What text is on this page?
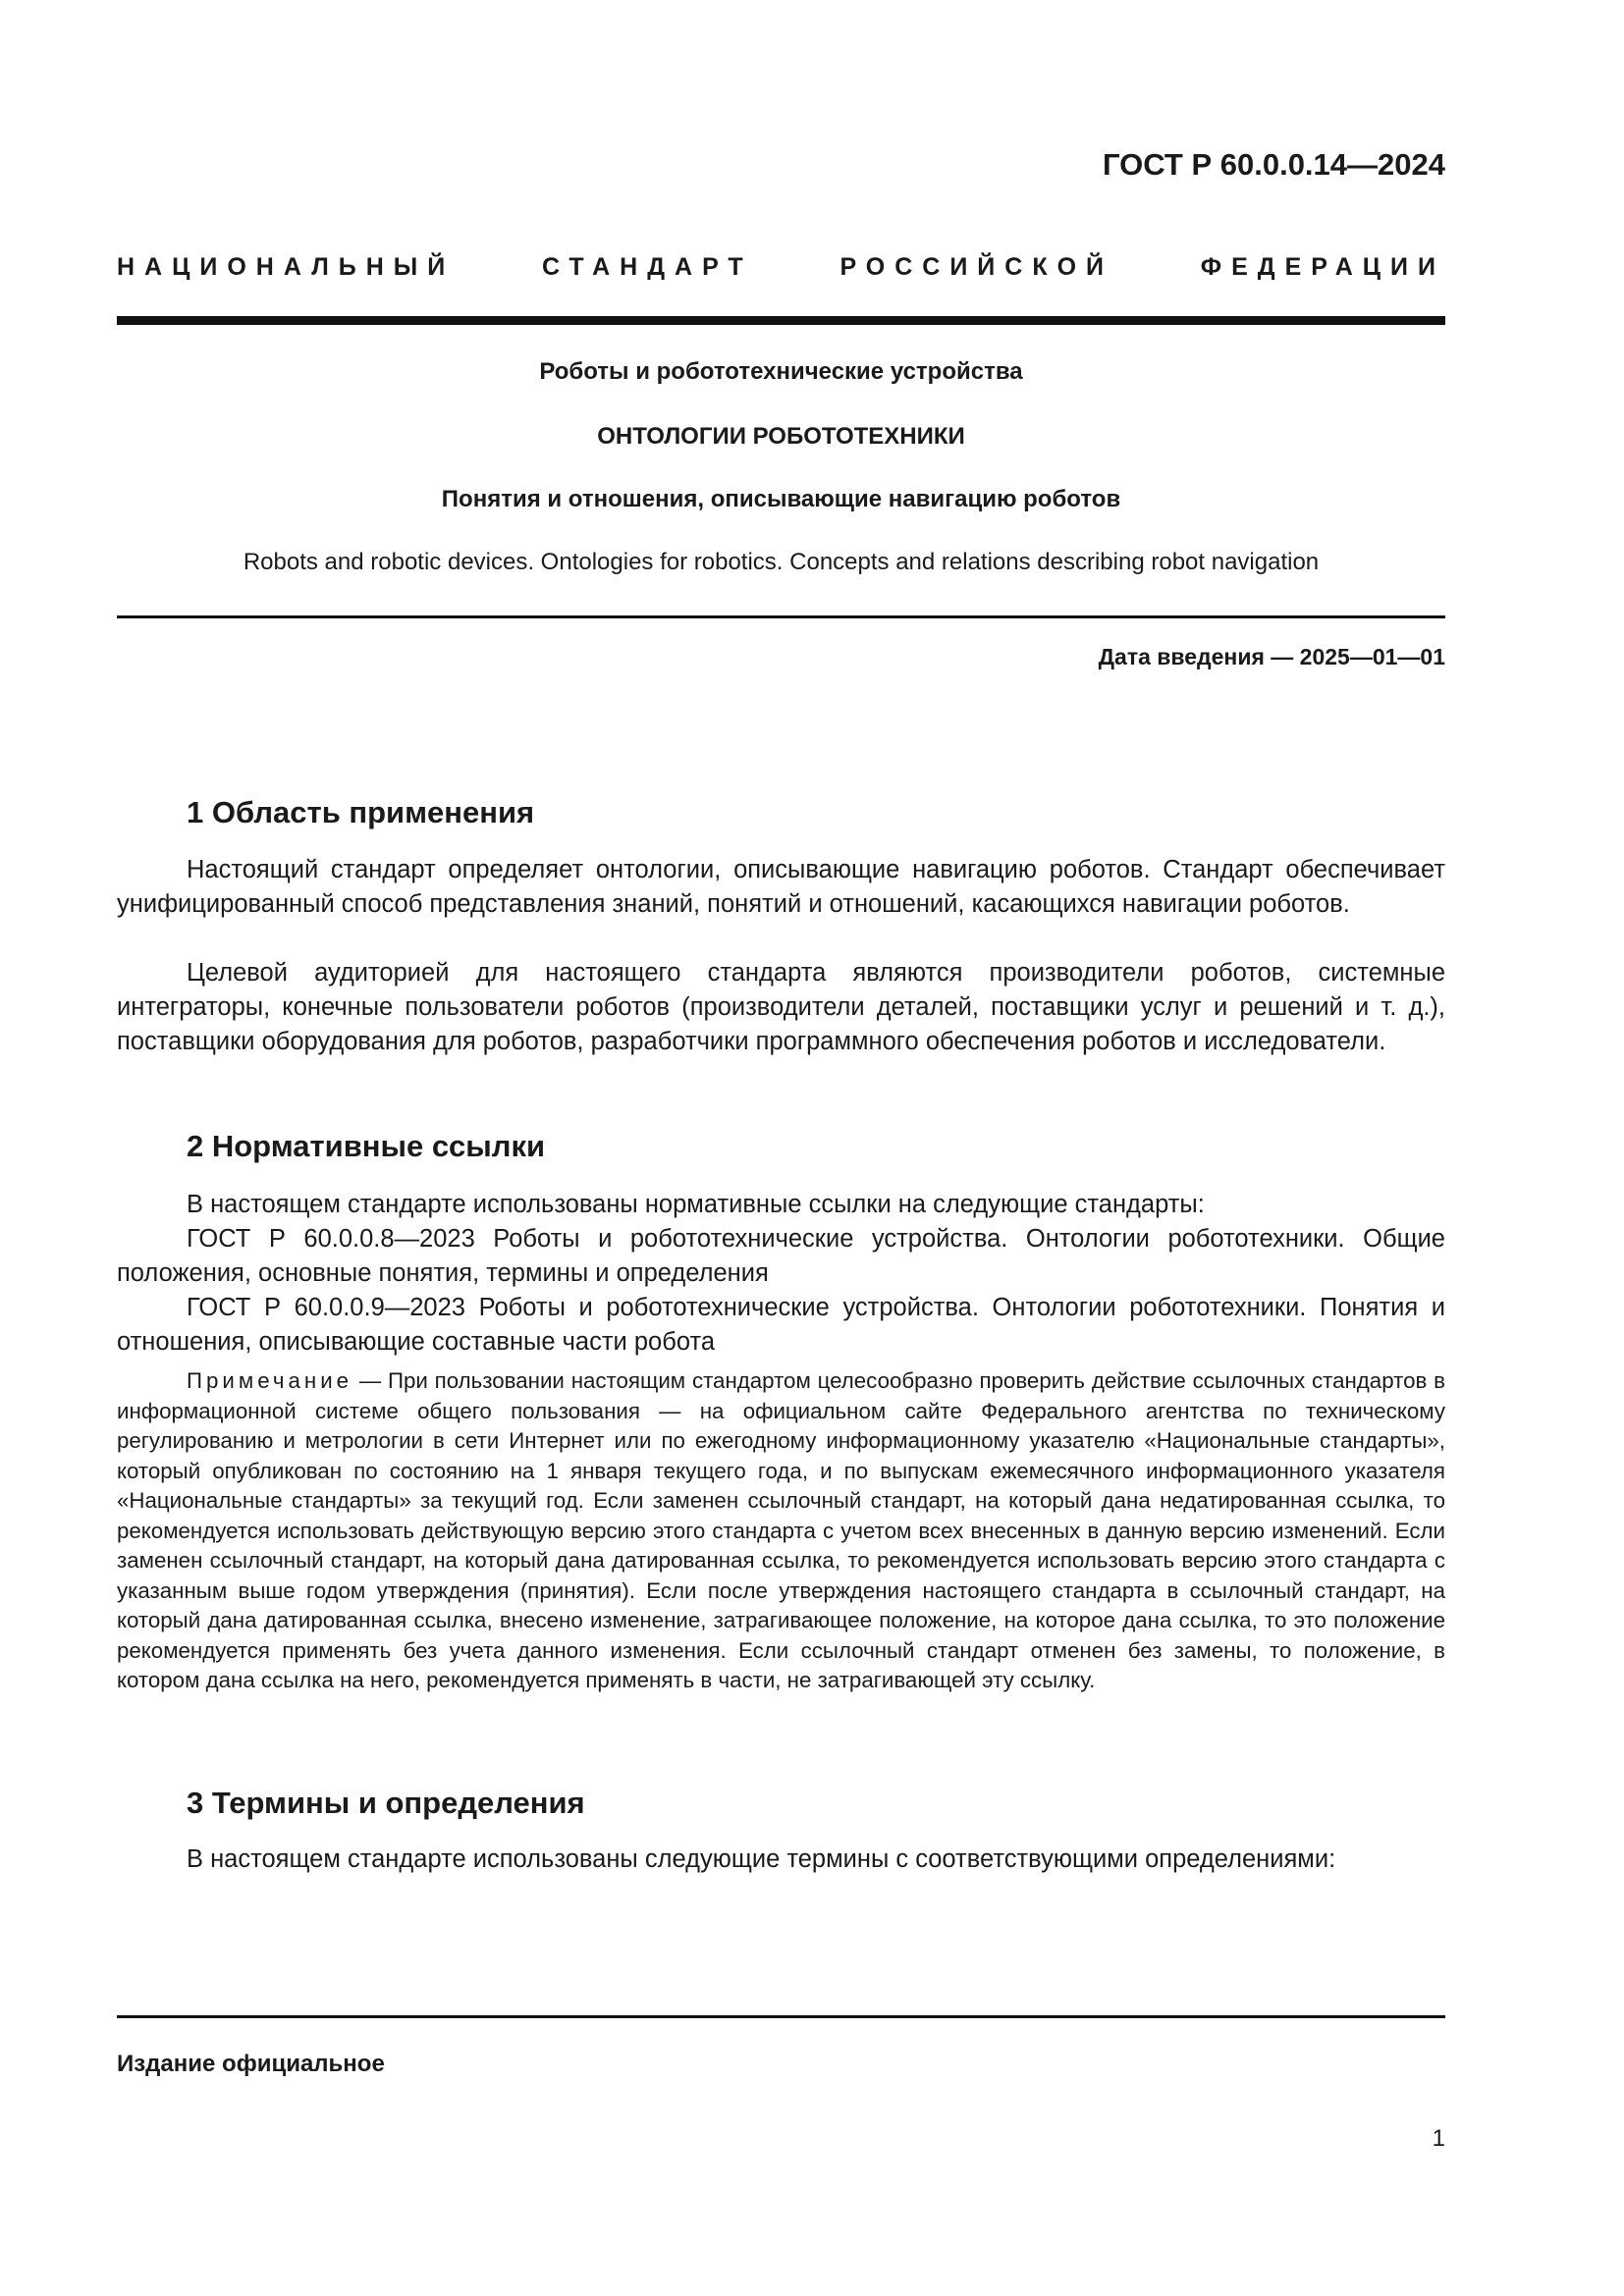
ГОСТ Р 60.0.0.14—2024
НАЦИОНАЛЬНЫЙ СТАНДАРТ РОССИЙСКОЙ ФЕДЕРАЦИИ
Роботы и робототехнические устройства
ОНТОЛОГИИ РОБОТОТЕХНИКИ
Понятия и отношения, описывающие навигацию роботов
Robots and robotic devices. Ontologies for robotics. Concepts and relations describing robot navigation
Дата введения — 2025—01—01
1 Область применения
Настоящий стандарт определяет онтологии, описывающие навигацию роботов. Стандарт обеспечивает унифицированный способ представления знаний, понятий и отношений, касающихся навигации роботов.
Целевой аудиторией для настоящего стандарта являются производители роботов, системные интеграторы, конечные пользователи роботов (производители деталей, поставщики услуг и решений и т. д.), поставщики оборудования для роботов, разработчики программного обеспечения роботов и исследователи.
2 Нормативные ссылки
В настоящем стандарте использованы нормативные ссылки на следующие стандарты:
ГОСТ Р 60.0.0.8—2023 Роботы и робототехнические устройства. Онтологии робототехники. Общие положения, основные понятия, термины и определения
ГОСТ Р 60.0.0.9—2023 Роботы и робототехнические устройства. Онтологии робототехники. Понятия и отношения, описывающие составные части робота
Примечание — При пользовании настоящим стандартом целесообразно проверить действие ссылочных стандартов в информационной системе общего пользования — на официальном сайте Федерального агентства по техническому регулированию и метрологии в сети Интернет или по ежегодному информационному указателю «Национальные стандарты», который опубликован по состоянию на 1 января текущего года, и по выпускам ежемесячного информационного указателя «Национальные стандарты» за текущий год. Если заменен ссылочный стандарт, на который дана недатированная ссылка, то рекомендуется использовать действующую версию этого стандарта с учетом всех внесенных в данную версию изменений. Если заменен ссылочный стандарт, на который дана датированная ссылка, то рекомендуется использовать версию этого стандарта с указанным выше годом утверждения (принятия). Если после утверждения настоящего стандарта в ссылочный стандарт, на который дана датированная ссылка, внесено изменение, затрагивающее положение, на которое дана ссылка, то это положение рекомендуется применять без учета данного изменения. Если ссылочный стандарт отменен без замены, то положение, в котором дана ссылка на него, рекомендуется применять в части, не затрагивающей эту ссылку.
3 Термины и определения
В настоящем стандарте использованы следующие термины с соответствующими определениями:
Издание официальное
1
